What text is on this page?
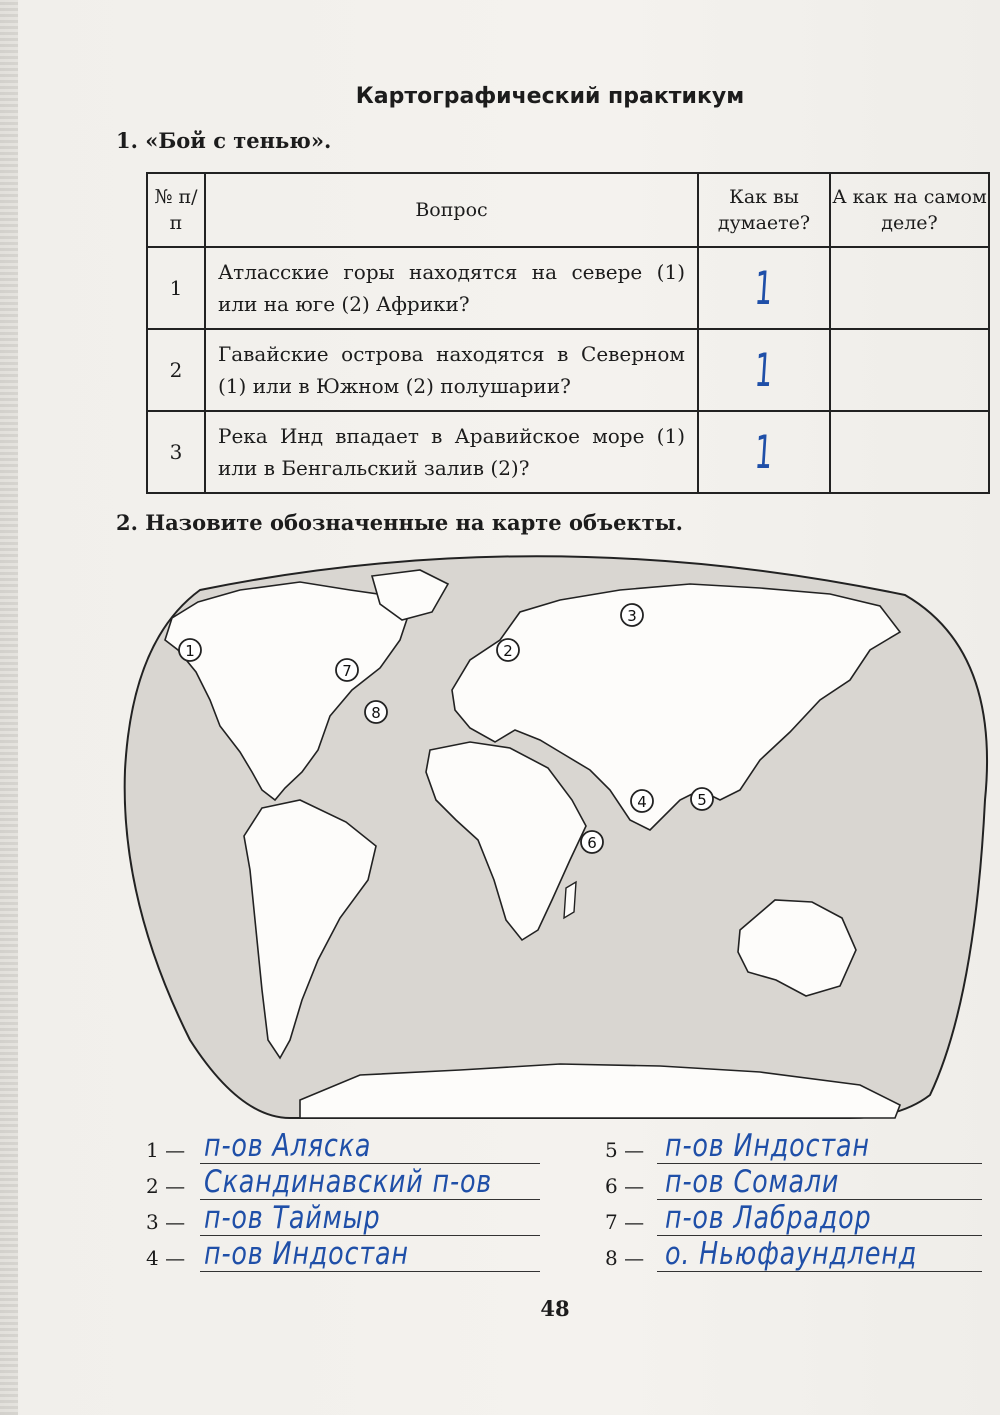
Картографический практикум
1. «Бой с тенью».
№ п/п	Вопрос	Как вы думаете?	А как на самом деле?
1	Атласские горы находятся на севере (1) или на юге (2) Африки?	1	
2	Гавайские острова находятся в Северном (1) или в Южном (2) полушарии?	1	
3	Река Инд впадает в Аравийское море (1) или в Бенгальский залив (2)?	1	
2. Назовите обозначенные на карте объекты.
1	2
3
4	5
6
7
8
1 — п-ов Аляска
2 — Скандинавский п-ов
3 — п-ов Таймыр
4 — п-ов Индостан
5 — п-ов Индостан
6 — п-ов Сомали
7 — п-ов Лабрадор
8 — о. Ньюфаундленд
48
